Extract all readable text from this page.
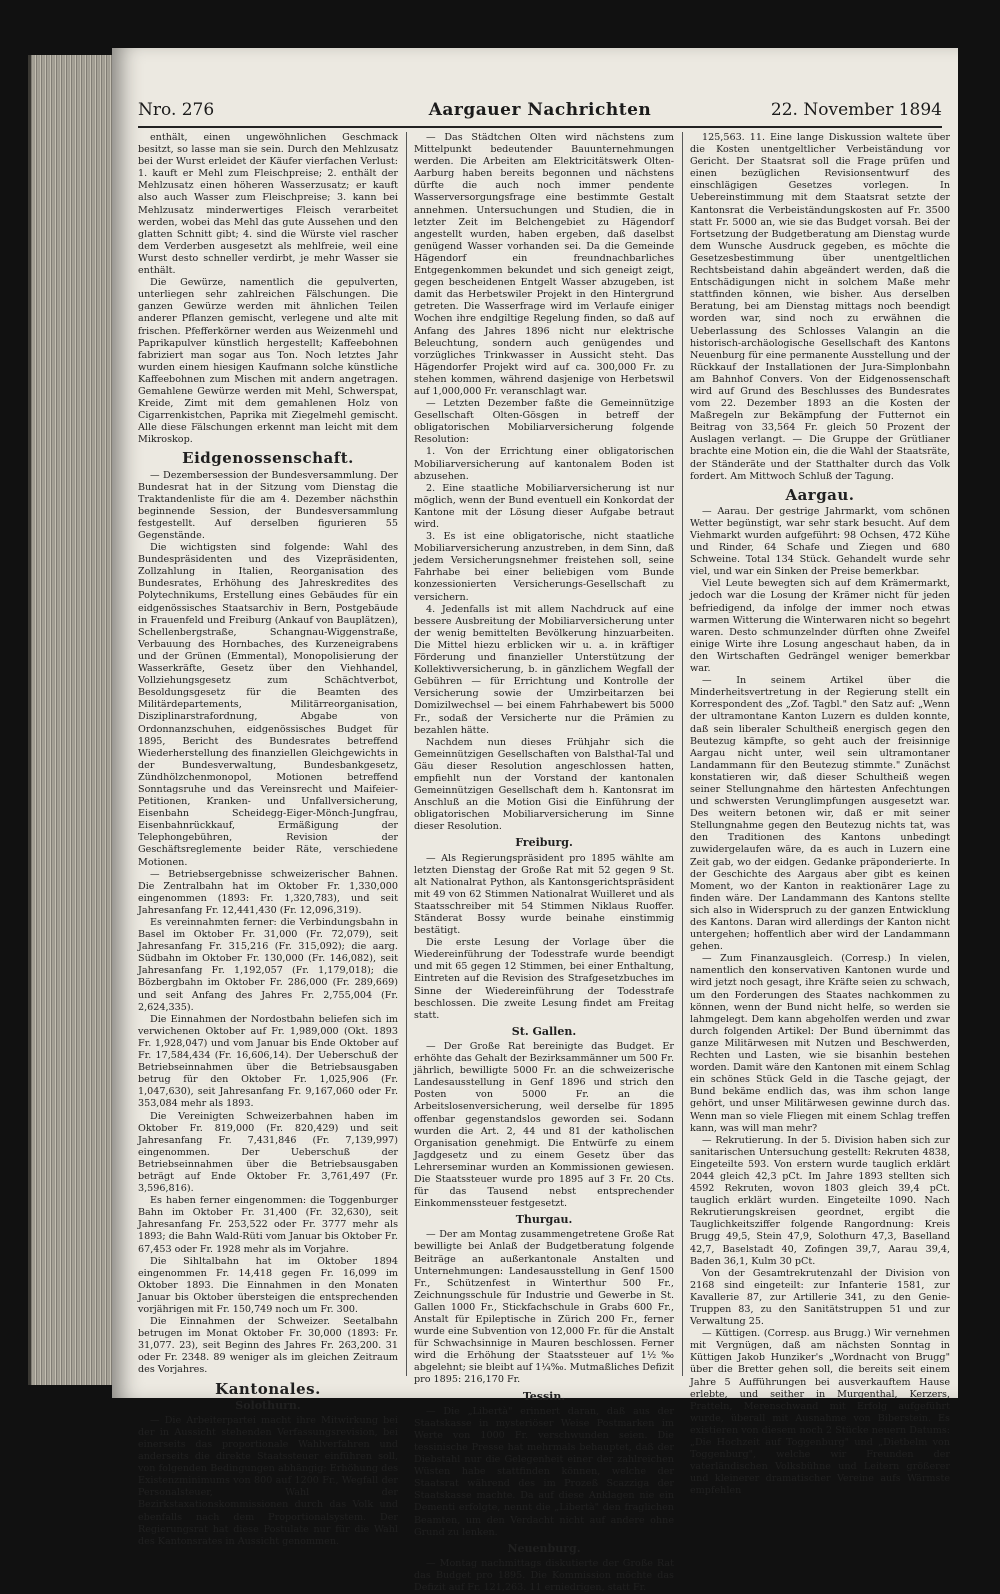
Nro. 276	Aargauer Nachrichten	22. November 1894

enthält, einen ungewöhnlichen Geschmack besitzt, so lasse man sie sein. Durch den Mehlzusatz bei der Wurst erleidet der Käufer vierfachen Verlust: 1. kauft er Mehl zum Fleischpreise; 2. enthält der Mehlzusatz einen höheren Wasserzusatz; er kauft also auch Wasser zum Fleischpreise; 3. kann bei Mehlzusatz minderwertiges Fleisch verarbeitet werden, wobei das Mehl das gute Aussehen und den glatten Schnitt gibt; 4. sind die Würste viel rascher dem Verderben ausgesetzt als mehlfreie, weil eine Wurst desto schneller verdirbt, je mehr Wasser sie enthält.

Die Gewürze, namentlich die gepulverten, unterliegen sehr zahlreichen Fälschungen. Die ganzen Gewürze werden mit ähnlichen Teilen anderer Pflanzen gemischt, verlegene und alte mit frischen. Pfefferkörner werden aus Weizenmehl und Paprikapulver künstlich hergestellt; Kaffeebohnen fabriziert man sogar aus Ton. Noch letztes Jahr wurden einem hiesigen Kaufmann solche künstliche Kaffeebohnen zum Mischen mit andern angetragen. Gemahlene Gewürze werden mit Mehl, Schwerspat, Kreide, Zimt mit dem gemahlenen Holz von Cigarrenkistchen, Paprika mit Ziegelmehl gemischt. Alle diese Fälschungen erkennt man leicht mit dem Mikroskop.

Eidgenossenschaft.

— Dezembersession der Bundesversammlung. Der Bundesrat hat in der Sitzung vom Dienstag die Traktandenliste für die am 4. Dezember nächsthin beginnende Session, der Bundesversammlung festgestellt. Auf derselben figurieren 55 Gegenstände.

Die wichtigsten sind folgende: Wahl des Bundespräsidenten und des Vizepräsidenten, Zollzahlung in Italien, Reorganisation des Bundesrates, Erhöhung des Jahreskredites des Polytechnikums, Erstellung eines Gebäudes für ein eidgenössisches Staatsarchiv in Bern, Postgebäude in Frauenfeld und Freiburg (Ankauf von Bauplätzen), Schellenbergstraße, Schangnau-Wiggenstraße, Verbauung des Hornbaches, des Kurzeneigrabens und der Grünen (Emmental), Monopolisierung der Wasserkräfte, Gesetz über den Viehhandel, Vollziehungsgesetz zum Schächtverbot, Besoldungsgesetz für die Beamten des Militärdepartements, Militärreorganisation, Disziplinarstrafordnung, Abgabe von Ordonnanzschuhen, eidgenössisches Budget für 1895, Bericht des Bundesrates betreffend Wiederherstellung des finanziellen Gleichgewichts in der Bundesverwaltung, Bundesbankgesetz, Zündhölzchenmonopol, Motionen betreffend Sonntagsruhe und das Vereinsrecht und Maifeier-Petitionen, Kranken- und Unfallversicherung, Eisenbahn Scheidegg-Eiger-Mönch-Jungfrau, Eisenbahnrückkauf, Ermäßigung der Telephongebühren, Revision der Geschäftsreglemente beider Räte, verschiedene Motionen.

— Betriebsergebnisse schweizerischer Bahnen. Die Zentralbahn hat im Oktober Fr. 1,330,000 eingenommen (1893: Fr. 1,320,783), und seit Jahresanfang Fr. 12,441,430 (Fr. 12,096,319).

Es vereinnahmten ferner: die Verbindungsbahn in Basel im Oktober Fr. 31,000 (Fr. 72,079), seit Jahresanfang Fr. 315,216 (Fr. 315,092); die aarg. Südbahn im Oktober Fr. 130,000 (Fr. 146,082), seit Jahresanfang Fr. 1,192,057 (Fr. 1,179,018); die Bözbergbahn im Oktober Fr. 286,000 (Fr. 289,669) und seit Anfang des Jahres Fr. 2,755,004 (Fr. 2,624,335).

Die Einnahmen der Nordostbahn beliefen sich im verwichenen Oktober auf Fr. 1,989,000 (Okt. 1893 Fr. 1,928,047) und vom Januar bis Ende Oktober auf Fr. 17,584,434 (Fr. 16,606,14). Der Ueberschuß der Betriebseinnahmen über die Betriebsausgaben betrug für den Oktober Fr. 1,025,906 (Fr. 1,047,630), seit Jahresanfang Fr. 9,167,060 oder Fr. 353,084 mehr als 1893.

Die Vereinigten Schweizerbahnen haben im Oktober Fr. 819,000 (Fr. 820,429) und seit Jahresanfang Fr. 7,431,846 (Fr. 7,139,997) eingenommen. Der Ueberschuß der Betriebseinnahmen über die Betriebsausgaben beträgt auf Ende Oktober Fr. 3,761,497 (Fr. 3,596,816).

Es haben ferner eingenommen: die Toggenburger Bahn im Oktober Fr. 31,400 (Fr. 32,630), seit Jahresanfang Fr. 253,522 oder Fr. 3777 mehr als 1893; die Bahn Wald-Rüti vom Januar bis Oktober Fr. 67,453 oder Fr. 1928 mehr als im Vorjahre.

Die Sihltalbahn hat im Oktober 1894 eingenommen Fr. 14,418 gegen Fr. 16,099 im Oktober 1893. Die Einnahmen in den Monaten Januar bis Oktober übersteigen die entsprechenden vorjährigen mit Fr. 150,749 noch um Fr. 300.

Die Einnahmen der Schweizer. Seetalbahn betrugen im Monat Oktober Fr. 30,000 (1893: Fr. 31,077. 23), seit Beginn des Jahres Fr. 263,200. 31 oder Fr. 2348. 89 weniger als im gleichen Zeitraum des Vorjahres.

Kantonales.
Solothurn.

— Die Arbeiterpartei macht ihre Mitwirkung bei der in Aussicht stehenden Verfassungsrevision, bei einerseits das proportionale Wahlverfahren und anderseits die direkte Staatssteuer einführen soll, von folgenden Bedingungen abhängig: Erhöhung des Existenzminimums von 800 auf 1200 Fr., Wegfall der Personalsteuer, Wahl der Bezirkstaxationskommissionen durch das Volk und ebenfalls nach dem Proportionalsystem. Der Regierungsrat hat diese Postulate nur für die Wahl des Kantonsrates in Aussicht genommen.

— Das Städtchen Olten wird nächstens zum Mittelpunkt bedeutender Bauunternehmungen werden. Die Arbeiten am Elektricitätswerk Olten-Aarburg haben bereits begonnen und nächstens dürfte die auch noch immer pendente Wasserversorgungsfrage eine bestimmte Gestalt annehmen. Untersuchungen und Studien, die in letzter Zeit im Belchengebiet zu Hägendorf angestellt wurden, haben ergeben, daß daselbst genügend Wasser vorhanden sei. Da die Gemeinde Hägendorf ein freundnachbarliches Entgegenkommen bekundet und sich geneigt zeigt, gegen bescheidenen Entgelt Wasser abzugeben, ist damit das Herbetswiler Projekt in den Hintergrund getreten. Die Wasserfrage wird im Verlaufe einiger Wochen ihre endgiltige Regelung finden, so daß auf Anfang des Jahres 1896 nicht nur elektrische Beleuchtung, sondern auch genügendes und vorzügliches Trinkwasser in Aussicht steht. Das Hägendorfer Projekt wird auf ca. 300,000 Fr. zu stehen kommen, während dasjenige von Herbetswil auf 1,000,000 Fr. veranschlagt war.

— Letzten Dezember faßte die Gemeinnützige Gesellschaft Olten-Gösgen in betreff der obligatorischen Mobiliarversicherung folgende Resolution:

1. Von der Errichtung einer obligatorischen Mobiliarversicherung auf kantonalem Boden ist abzusehen.

2. Eine staatliche Mobiliarversicherung ist nur möglich, wenn der Bund eventuell ein Konkordat der Kantone mit der Lösung dieser Aufgabe betraut wird.

3. Es ist eine obligatorische, nicht staatliche Mobiliarversicherung anzustreben, in dem Sinn, daß jedem Versicherungsnehmer freistehen soll, seine Fahrhabe bei einer beliebigen vom Bunde konzessionierten Versicherungs-Gesellschaft zu versichern.

4. Jedenfalls ist mit allem Nachdruck auf eine bessere Ausbreitung der Mobiliarversicherung unter der wenig bemittelten Bevölkerung hinzuarbeiten. Die Mittel hiezu erblicken wir u. a. in kräftiger Förderung und finanzieller Unterstützung der Kollektivversicherung, b. in gänzlichem Wegfall der Gebühren — für Errichtung und Kontrolle der Versicherung sowie der Umzirbeitarzen bei Domizilwechsel — bei einem Fahrhabewert bis 5000 Fr., sodaß der Versicherte nur die Prämien zu bezahlen hätte.

Nachdem nun dieses Frühjahr sich die Gemeinnützigen Gesellschaften von Balsthal-Tal und Gäu dieser Resolution angeschlossen hatten, empfiehlt nun der Vorstand der kantonalen Gemeinnützigen Gesellschaft dem h. Kantonsrat im Anschluß an die Motion Gisi die Einführung der obligatorischen Mobiliarversicherung im Sinne dieser Resolution.

Freiburg.

— Als Regierungspräsident pro 1895 wählte am letzten Dienstag der Große Rat mit 52 gegen 9 St. alt Nationalrat Python, als Kantonsgerichtspräsident mit 49 von 62 Stimmen Nationalrat Wuilleret und als Staatsschreiber mit 54 Stimmen Niklaus Ruoffer. Ständerat Bossy wurde beinahe einstimmig bestätigt.

Die erste Lesung der Vorlage über die Wiedereinführung der Todesstrafe wurde beendigt und mit 65 gegen 12 Stimmen, bei einer Enthaltung, Eintreten auf die Revision des Strafgesetzbuches im Sinne der Wiedereinführung der Todesstrafe beschlossen. Die zweite Lesung findet am Freitag statt.

St. Gallen.

— Der Große Rat bereinigte das Budget. Er erhöhte das Gehalt der Bezirksammänner um 500 Fr. jährlich, bewilligte 5000 Fr. an die schweizerische Landesausstellung in Genf 1896 und strich den Posten von 5000 Fr. an die Arbeitslosenversicherung, weil derselbe für 1895 offenbar gegenstandslos geworden sei. Sodann wurden die Art. 2, 44 und 81 der katholischen Organisation genehmigt. Die Entwürfe zu einem Jagdgesetz und zu einem Gesetz über das Lehrerseminar wurden an Kommissionen gewiesen. Die Staatssteuer wurde pro 1895 auf 3 Fr. 20 Cts. für das Tausend nebst entsprechender Einkommenssteuer festgesetzt.

Thurgau.

— Der am Montag zusammengetretene Große Rat bewilligte bei Anlaß der Budgetberatung folgende Beiträge an außerkantonale Anstalten und Unternehmungen: Landesausstellung in Genf 1500 Fr., Schützenfest in Winterthur 500 Fr., Zeichnungsschule für Industrie und Gewerbe in St. Gallen 1000 Fr., Stickfachschule in Grabs 600 Fr., Anstalt für Epileptische in Zürich 200 Fr., ferner wurde eine Subvention von 12,000 Fr. für die Anstalt für Schwachsinnige in Mauren beschlossen. Ferner wird die Erhöhung der Staatssteuer auf 1½‰ abgelehnt; sie bleibt auf 1¼‰. Mutmaßliches Defizit pro 1895: 216,170 Fr.

Tessin.

— Die „Libertà" erinnert daran, daß aus der Staatskasse in mysteriöser Weise Postmarken im Werte von 1000 Fr. verschwunden seien. Die tessinische Presse hat mehrmals behauptet, daß der Diebstahl nur die Gelegenheit einer der zahlreichen Wüsten habe stattfinden können, welche der Staatsrat während des im Prozeß Scazziga der Staatskasse machte. Da auf diese Anklagen nie ein Dementi erfolgte, nennt die „Libertà" den fraglichen Beamten, um den Verdacht nicht auf andere ohne Grund zu lenken.

Neuenburg.

— Montag nachmittags diskutierte der Große Rat das Budget pro 1895. Die Kommission möchte das Defizit auf Fr. 121,263. 11 erniedrigen, statt Fr.

125,563. 11. Eine lange Diskussion waltete über die Kosten unentgeltlicher Verbeiständung vor Gericht. Der Staatsrat soll die Frage prüfen und einen bezüglichen Revisionsentwurf des einschlägigen Gesetzes vorlegen. In Uebereinstimmung mit dem Staatsrat setzte der Kantonsrat die Verbeiständungskosten auf Fr. 3500 statt Fr. 5000 an, wie sie das Budget vorsah. Bei der Fortsetzung der Budgetberatung am Dienstag wurde dem Wunsche Ausdruck gegeben, es möchte die Gesetzesbestimmung über unentgeltlichen Rechtsbeistand dahin abgeändert werden, daß die Entschädigungen nicht in solchem Maße mehr stattfinden können, wie bisher. Aus derselben Beratung, bei am Dienstag mittags noch beendigt worden war, sind noch zu erwähnen die Ueberlassung des Schlosses Valangin an die historisch-archäologische Gesellschaft des Kantons Neuenburg für eine permanente Ausstellung und der Rückkauf der Installationen der Jura-Simplonbahn am Bahnhof Convers. Von der Eidgenossenschaft wird auf Grund des Beschlusses des Bundesrates vom 22. Dezember 1893 an die Kosten der Maßregeln zur Bekämpfung der Futternot ein Beitrag von 33,564 Fr. gleich 50 Prozent der Auslagen verlangt. — Die Gruppe der Grütlianer brachte eine Motion ein, die die Wahl der Staatsräte, der Ständeräte und der Statthalter durch das Volk fordert. Am Mittwoch Schluß der Tagung.

Aargau.

— Aarau. Der gestrige Jahrmarkt, vom schönen Wetter begünstigt, war sehr stark besucht. Auf dem Viehmarkt wurden aufgeführt: 98 Ochsen, 472 Kühe und Rinder, 64 Schafe und Ziegen und 680 Schweine. Total 134 Stück. Gehandelt wurde sehr viel, und war ein Sinken der Preise bemerkbar.

Viel Leute bewegten sich auf dem Krämermarkt, jedoch war die Losung der Krämer nicht für jeden befriedigend, da infolge der immer noch etwas warmen Witterung die Winterwaren nicht so begehrt waren. Desto schmunzelnder dürften ohne Zweifel einige Wirte ihre Losung angeschaut haben, da in den Wirtschaften Gedrängel weniger bemerkbar war.

— In seinem Artikel über die Minderheitsvertretung in der Regierung stellt ein Korrespondent des „Zof. Tagbl." den Satz auf: „Wenn der ultramontane Kanton Luzern es dulden konnte, daß sein liberaler Schultheiß energisch gegen den Beutezug kämpfte, so geht auch der freisinnige Aargau nicht unter, weil sein ultramontaner Landammann für den Beutezug stimmte." Zunächst konstatieren wir, daß dieser Schultheiß wegen seiner Stellungnahme den härtesten Anfechtungen und schwersten Verunglimpfungen ausgesetzt war. Des weitern betonen wir, daß er mit seiner Stellungnahme gegen den Beutezug nichts tat, was den Traditionen des Kantons unbedingt zuwidergelaufen wäre, da es auch in Luzern eine Zeit gab, wo der eidgen. Gedanke präponderierte. In der Geschichte des Aargaus aber gibt es keinen Moment, wo der Kanton in reaktionärer Lage zu finden wäre. Der Landammann des Kantons stellte sich also in Widerspruch zu der ganzen Entwicklung des Kantons. Daran wird allerdings der Kanton nicht untergehen; hoffentlich aber wird der Landammann gehen.

— Zum Finanzausgleich. (Corresp.) In vielen, namentlich den konservativen Kantonen wurde und wird jetzt noch gesagt, ihre Kräfte seien zu schwach, um den Forderungen des Staates nachkommen zu können, wenn der Bund nicht helfe, so werden sie lahmgelegt. Dem kann abgeholfen werden und zwar durch folgenden Artikel: Der Bund übernimmt das ganze Militärwesen mit Nutzen und Beschwerden, Rechten und Lasten, wie sie bisanhin bestehen worden. Damit wäre den Kantonen mit einem Schlag ein schönes Stück Geld in die Tasche gejagt, der Bund bekäme endlich das, was ihm schon lange gehört, und unser Militärwesen gewinne durch das. Wenn man so viele Fliegen mit einem Schlag treffen kann, was will man mehr?

— Rekrutierung. In der 5. Division haben sich zur sanitarischen Untersuchung gestellt: Rekruten 4838, Eingeteilte 593. Von erstern wurde tauglich erklärt 2044 gleich 42,3 pCt. Im Jahre 1893 stellten sich 4592 Rekruten, wovon 1803 gleich 39,4 pCt. tauglich erklärt wurden. Eingeteilte 1090. Nach Rekrutierungskreisen geordnet, ergibt die Tauglichkeitsziffer folgende Rangordnung: Kreis Brugg 49,5, Stein 47,9, Solothurn 47,3, Baselland 42,7, Baselstadt 40, Zofingen 39,7, Aarau 39,4, Baden 36,1, Kulm 30 pCt.

Von der Gesamtrekrutenzahl der Division von 2168 sind eingeteilt: zur Infanterie 1581, zur Kavallerie 87, zur Artillerie 341, zu den Genie-Truppen 83, zu den Sanitätstruppen 51 und zur Verwaltung 25.

— Küttigen. (Corresp. aus Brugg.) Wir vernehmen mit Vergnügen, daß am nächsten Sonntag in Küttigen Jakob Hunziker's „Wordnacht von Brugg" über die Bretter gehen soll, die bereits seit einem Jahre 5 Aufführungen bei ausverkauftem Hause erlebte, und seither in Murgenthal, Kerzers, Pratteln, Merenschwand mit Erfolg aufgeführt wurde, überall mit Ausnahme von Biberstein. Es existieren von diesem noch 2 Stücke neuern Datums: „Die Hochzeit auf Toggenburg" und „Dietbelm von Toggenburg", welche wir Freunden der vaterländischen Volksbühne und Leitern größerer und kleinerer dramatischer Vereine aufs Wärmste empfehlen
